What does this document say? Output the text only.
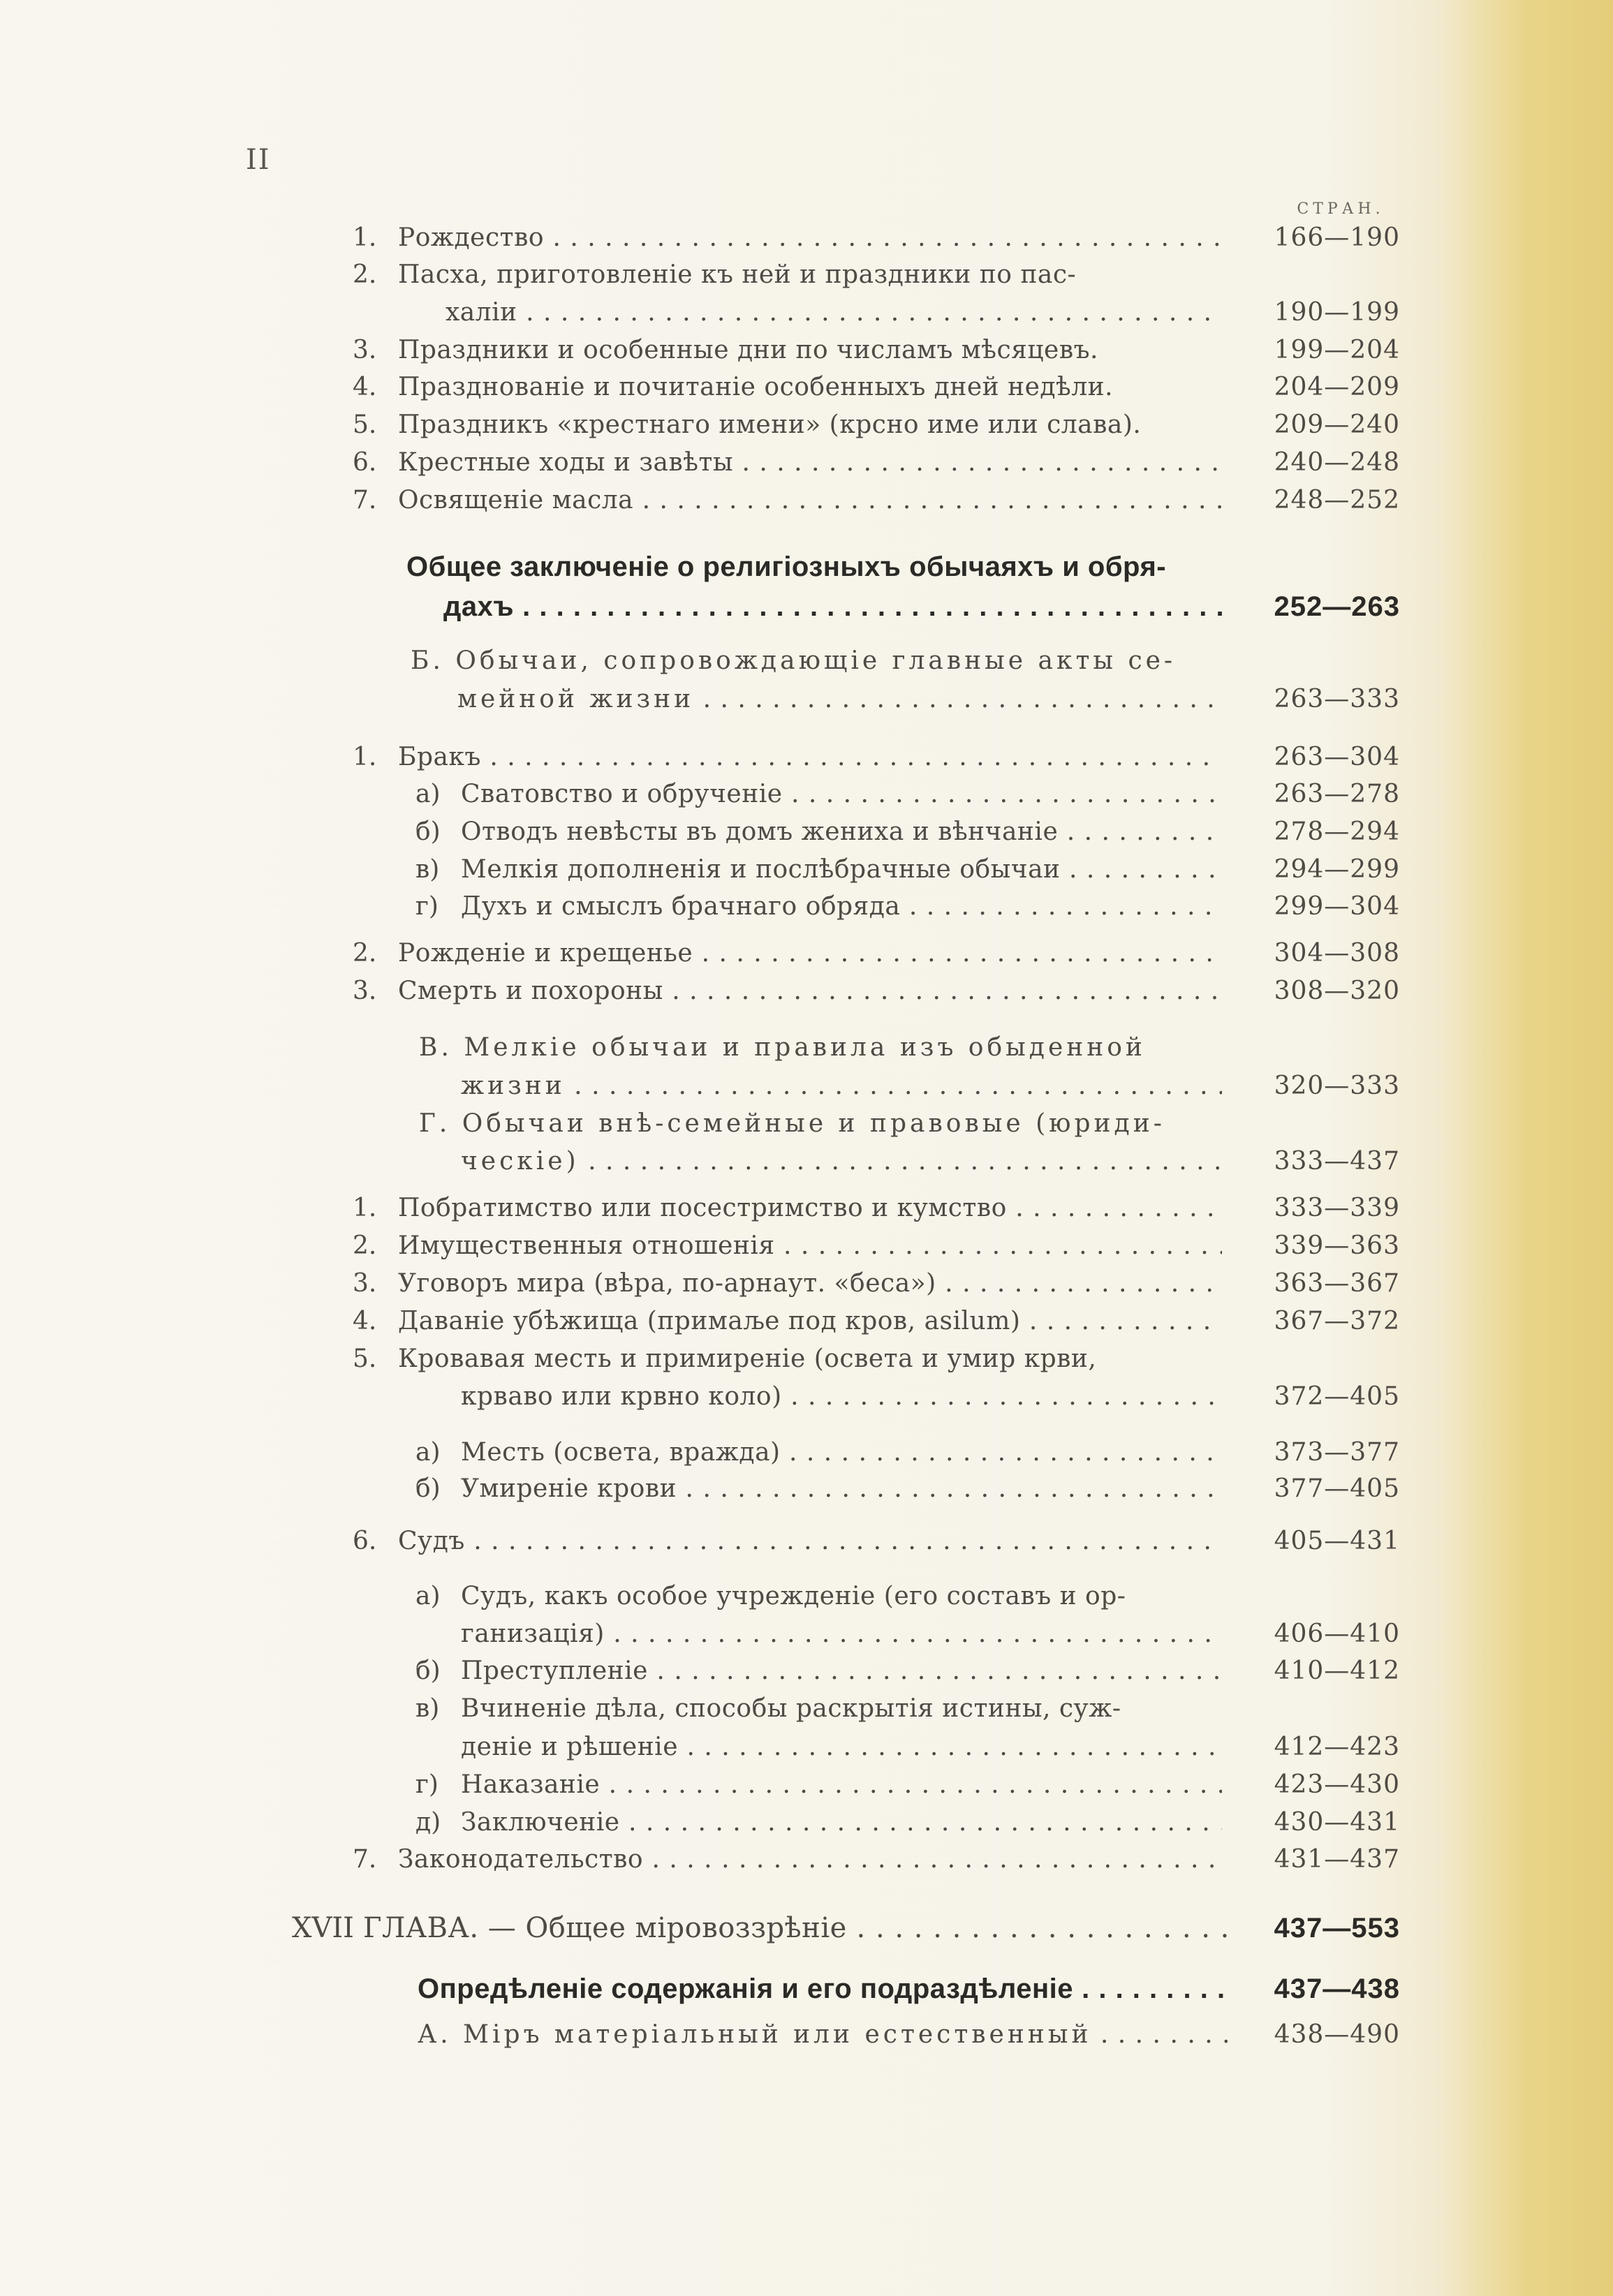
II
СТРАН.
1. Рождество . . .	166—190
2. Пасха, приготовленіе къ ней и праздники по пас-
халіи . . .	190—199
3. Праздники и особенные дни по числамъ мѣсяцевъ.	199—204
4. Празднованіе и почитаніе особенныхъ дней недѣли.	204—209
5. Праздникъ «крестнаго имени» (крсно име или слава).	209—240
6. Крестные ходы и завѣты . . .	240—248
7. Освященіе масла . . .	248—252
Общее заключеніе о религіозныхъ обычаяхъ и обря-
дахъ . . .	252—263
Б. Обычаи, сопровождающіе главные акты се-
мейной жизни . . .	263—333
1. Бракъ . . .	263—304
а) Сватовство и обрученіе . . .	263—278
б) Отводъ невѣсты въ домъ жениха и вѣнчаніе . . .	278—294
в) Мелкія дополненія и послѣбрачные обычаи . . .	294—299
г) Духъ и смыслъ брачнаго обряда . . .	299—304
2. Рожденіе и крещенье . . .	304—308
3. Смерть и похороны . . .	308—320
В. Мелкіе обычаи и правила изъ обыденной
жизни . . .	320—333
Г. Обычаи внѣ-семейные и правовые (юриди-
ческіе) . . .	333—437
1. Побратимство или посестримство и кумство . . .	333—339
2. Имущественныя отношенія . . .	339—363
3. Уговоръ мира (вѣра, по-арнаут. «беса») . . .	363—367
4. Даваніе убѣжища (примаље под кров, asilum) . . .	367—372
5. Кровавая месть и примиреніе (освета и умир крви,
крваво или крвно коло) . . .	372—405
а) Месть (освета, вражда) . . .	373—377
б) Умиреніе крови . . .	377—405
6. Судъ . . .	405—431
а) Судъ, какъ особое учрежденіе (его составъ и ор-
ганизація) . . .	406—410
б) Преступленіе . . .	410—412
в) Вчиненіе дѣла, способы раскрытія истины, суж-
деніе и рѣшеніе . . .	412—423
г) Наказаніе . . .	423—430
д) Заключеніе . . .	430—431
7. Законодательство . . .	431—437
XVII ГЛАВА. — Общее міровоззрѣніе . . .	437—553
Опредѣленіе содержанія и его подраздѣленіе . . .	437—438
А. Міръ матеріальный или естественный . . .	438—490
